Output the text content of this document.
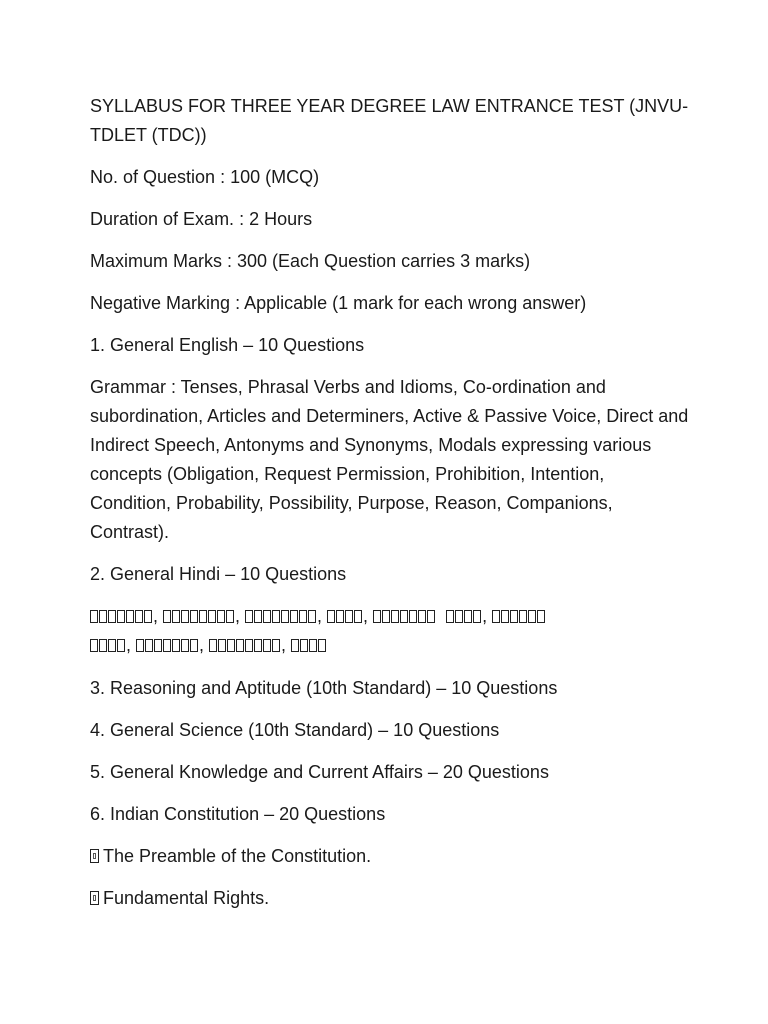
SYLLABUS FOR THREE YEAR DEGREE LAW ENTRANCE TEST (JNVU-TDLET (TDC))

No. of Question : 100 (MCQ)

Duration of Exam. : 2 Hours

Maximum Marks : 300 (Each Question carries 3 marks)

Negative Marking : Applicable (1 mark for each wrong answer)

1. General English – 10 Questions

Grammar : Tenses, Phrasal Verbs and Idioms, Co-ordination and subordination, Articles and Determiners, Active & Passive Voice, Direct and Indirect Speech, Antonyms and Synonyms, Modals expressing various concepts (Obligation, Request Permission, Prohibition, Intention, Condition, Probability, Possibility, Purpose, Reason, Companions, Contrast).

2. General Hindi – 10 Questions

,	,	, ,	,
,	,	,

3. Reasoning and Aptitude (10th Standard) – 10 Questions

4. General Science (10th Standard) – 10 Questions

5. General Knowledge and Current Affairs – 20 Questions

6. Indian Constitution – 20 Questions

The Preamble of the Constitution.

Fundamental Rights.
